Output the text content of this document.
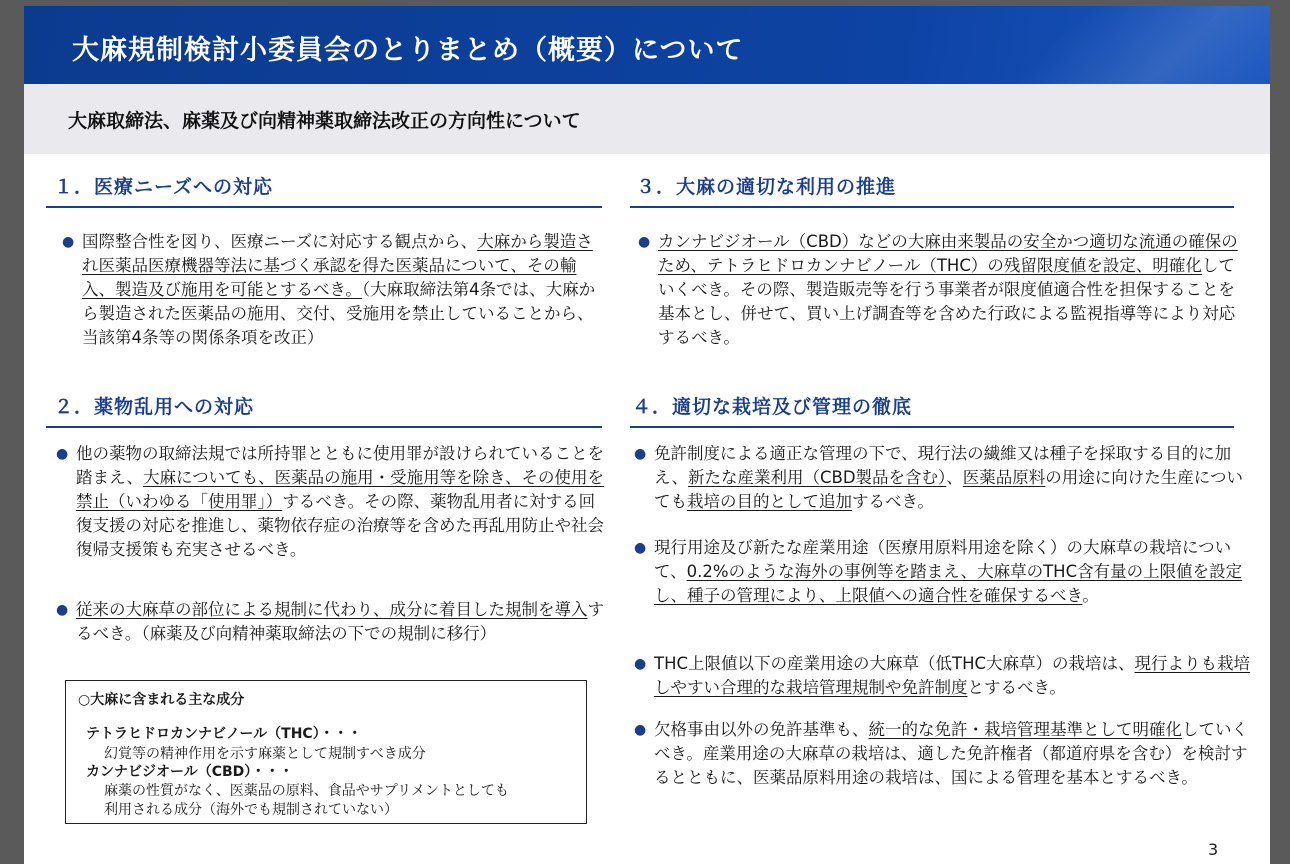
大麻規制検討小委員会のとりまとめ（概要）について
大麻取締法、麻薬及び向精神薬取締法改正の方向性について
１．医療ニーズへの対応
● 国際整合性を図り、医療ニーズに対応する観点から、大麻から製造され医薬品医療機器等法に基づく承認を得た医薬品について、その輸入、製造及び施用を可能とするべき。（大麻取締法第4条では、大麻から製造された医薬品の施用、交付、受施用を禁止していることから、当該第4条等の関係条項を改正）
２．薬物乱用への対応
● 他の薬物の取締法規では所持罪とともに使用罪が設けられていることを踏まえ、大麻についても、医薬品の施用・受施用等を除き、その使用を禁止（いわゆる「使用罪」）するべき。その際、薬物乱用者に対する回復支援の対応を推進し、薬物依存症の治療等を含めた再乱用防止や社会復帰支援策も充実させるべき。
● 従来の大麻草の部位による規制に代わり、成分に着目した規制を導入するべき。（麻薬及び向精神薬取締法の下での規制に移行）
○大麻に含まれる主な成分
テトラヒドロカンナビノール（THC）・・・
幻覚等の精神作用を示す麻薬として規制すべき成分
カンナビジオール（CBD）・・・
麻薬の性質がなく、医薬品の原料、食品やサプリメントとしても
利用される成分（海外でも規制されていない）
３．大麻の適切な利用の推進
● カンナビジオール（CBD）などの大麻由来製品の安全かつ適切な流通の確保のため、テトラヒドロカンナビノール（THC）の残留限度値を設定、明確化していくべき。その際、製造販売等を行う事業者が限度値適合性を担保することを基本とし、併せて、買い上げ調査等を含めた行政による監視指導等により対応するべき。
４．適切な栽培及び管理の徹底
● 免許制度による適正な管理の下で、現行法の繊維又は種子を採取する目的に加え、新たな産業利用（CBD製品を含む）、医薬品原料の用途に向けた生産についても栽培の目的として追加するべき。
● 現行用途及び新たな産業用途（医療用原料用途を除く）の大麻草の栽培について、0.2%のような海外の事例等を踏まえ、大麻草のTHC含有量の上限値を設定し、種子の管理により、上限値への適合性を確保するべき。
● THC上限値以下の産業用途の大麻草（低THC大麻草）の栽培は、現行よりも栽培しやすい合理的な栽培管理規制や免許制度とするべき。
● 欠格事由以外の免許基準も、統一的な免許・栽培管理基準として明確化していくべき。産業用途の大麻草の栽培は、適した免許権者（都道府県を含む）を検討するとともに、医薬品原料用途の栽培は、国による管理を基本とするべき。
3
